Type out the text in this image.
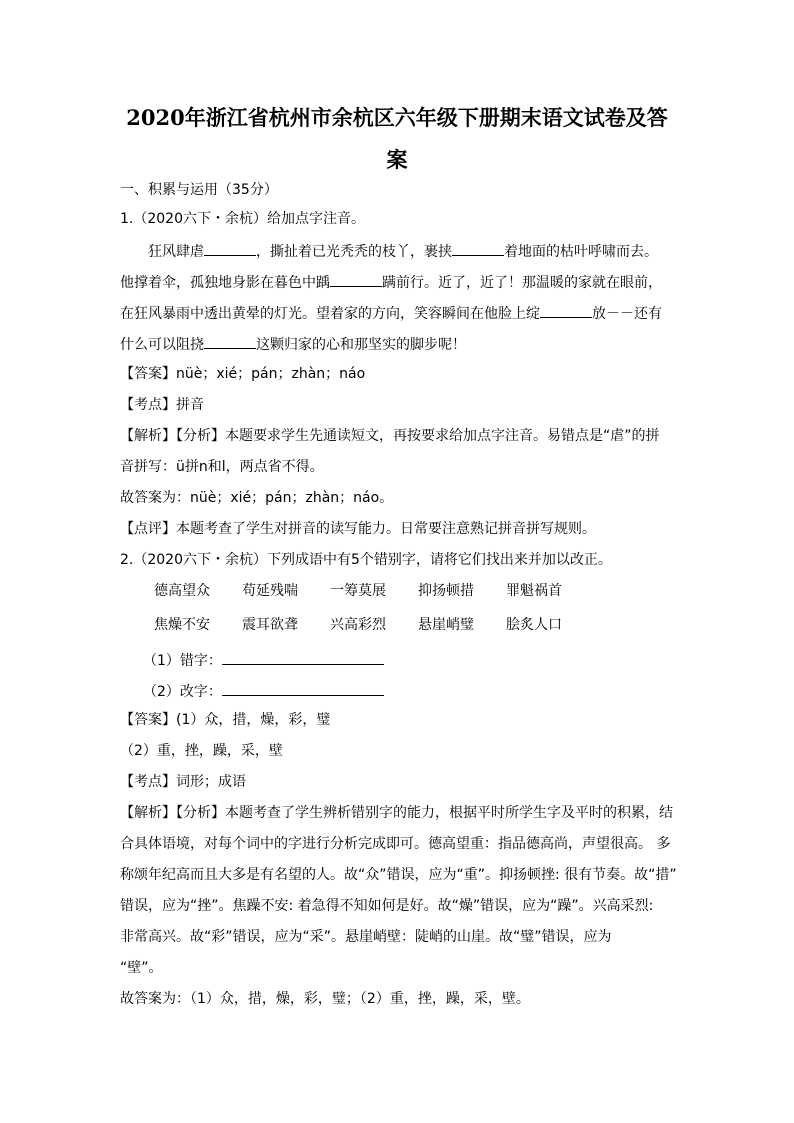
2020年浙江省杭州市余杭区六年级下册期末语文试卷及答
案
一、积累与运用（35分）
1.（2020六下・余杭）给加点字注音。
狂风肆虐	，撕扯着已光秃秃的枝丫，裹挟	着地面的枯叶呼啸而去。
他撑着伞，孤独地身影在暮色中踽	蹒前行。近了，近了！那温暖的家就在眼前，
在狂风暴雨中透出黄晕的灯光。望着家的方向，笑容瞬间在他脸上绽	放－－还有
什么可以阻挠	这颗归家的心和那坚实的脚步呢！
【答案】nüè；xié；pán；zhàn；náo
【考点】拼音
【解析】【分析】本题要求学生先通读短文，再按要求给加点字注音。易错点是“虐”的拼
音拼写：ü拼n和l，两点省不得。
故答案为：nüè；xié；pán；zhàn；náo。
【点评】本题考查了学生对拼音的读写能力。日常要注意熟记拼音拼写规则。
2.（2020六下・余杭）下列成语中有5个错别字，请将它们找出来并加以改正。
德高望众 苟延残喘 一筹莫展 抑扬顿措 罪魁祸首
焦燥不安 震耳欲聋 兴高彩烈 悬崖峭璧 脍炙人口
（1）错字：
（2）改字：
【答案】(1）众，措，燥，彩，璧
（2）重，挫，躁，采，壁
【考点】词形；成语
【解析】【分析】本题考查了学生辨析错别字的能力，根据平时所学生字及平时的积累，结
合具体语境，对每个词中的字进行分析完成即可。德高望重：指品德高尚，声望很高。 多
称颂年纪高而且大多是有名望的人。故“众”错误，应为“重”。抑扬顿挫: 很有节奏。故“措”
错误，应为“挫”。焦躁不安: 着急得不知如何是好。故“燥”错误，应为“躁”。兴高采烈:
非常高兴。故“彩”错误，应为“采”。悬崖峭壁：陡峭的山崖。故“璧”错误，应为
“壁”。
故答案为：（1）众，措，燥，彩，璧；（2）重，挫，躁，采，壁。
